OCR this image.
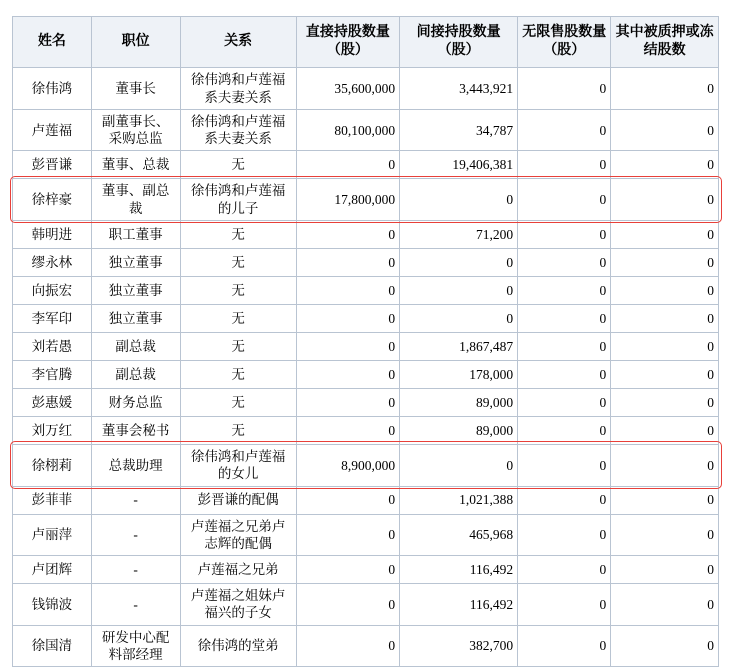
姓名	职位	关系	直接持股数量（股）	间接持股数量（股）	无限售股数量（股）	其中被质押或冻结股数
徐伟鸿	董事长	徐伟鸿和卢莲福系夫妻关系	35,600,000	3,443,921	0	0
卢莲福	副董事长、采购总监	徐伟鸿和卢莲福系夫妻关系	80,100,000	34,787	0	0
彭晋谦	董事、总裁	无	0	19,406,381	0	0
徐梓豪	董事、副总裁	徐伟鸿和卢莲福的儿子	17,800,000	0	0	0
韩明进	职工董事	无	0	71,200	0	0
缪永林	独立董事	无	0	0	0	0
向振宏	独立董事	无	0	0	0	0
李军印	独立董事	无	0	0	0	0
刘若愚	副总裁	无	0	1,867,487	0	0
李官腾	副总裁	无	0	178,000	0	0
彭惠媛	财务总监	无	0	89,000	0	0
刘万红	董事会秘书	无	0	89,000	0	0
徐栩莉	总裁助理	徐伟鸿和卢莲福的女儿	8,900,000	0	0	0
彭菲菲	-	彭晋谦的配偶	0	1,021,388	0	0
卢丽萍	-	卢莲福之兄弟卢志辉的配偶	0	465,968	0	0
卢团辉	-	卢莲福之兄弟	0	116,492	0	0
钱锦波	-	卢莲福之姐妹卢福兴的子女	0	116,492	0	0
徐国清	研发中心配料部经理	徐伟鸿的堂弟	0	382,700	0	0
